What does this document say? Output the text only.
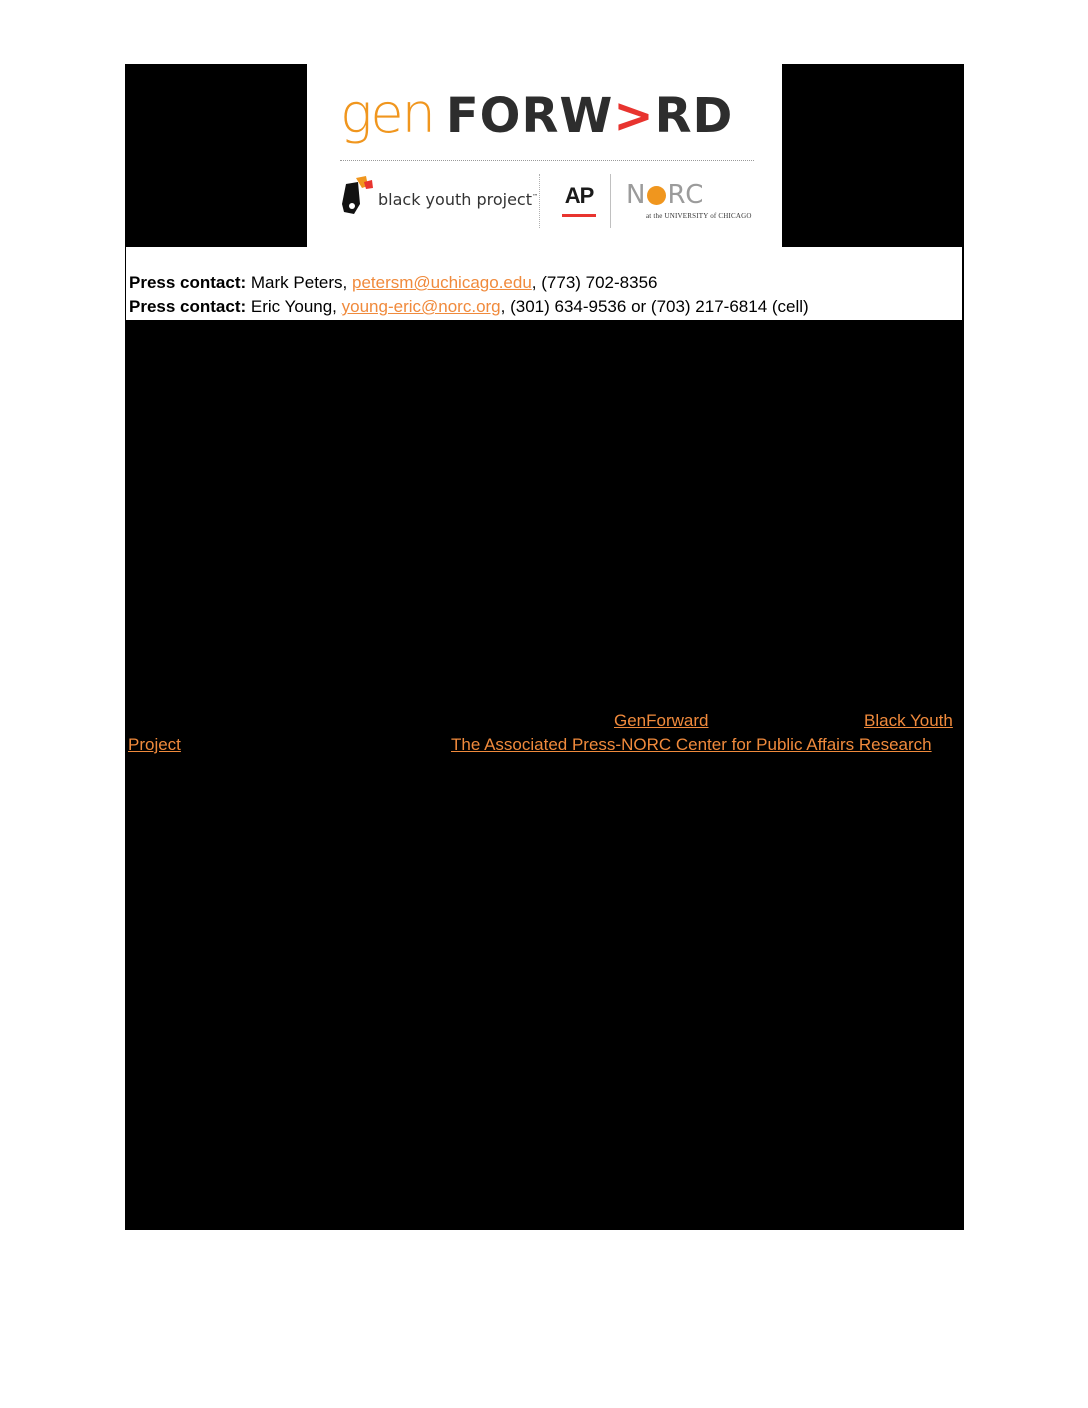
gen FORW>RD
black youth project™ AP N RC
at the UNIVERSITY of CHICAGO
Press contact: Mark Peters, petersm@uchicago.edu, (773) 702-8356
Press contact: Eric Young, young-eric@norc.org, (301) 634-9536 or (703) 217-6814 (cell)
GenForward	Black Youth
Project	The Associated Press-NORC Center for Public Affairs Research
